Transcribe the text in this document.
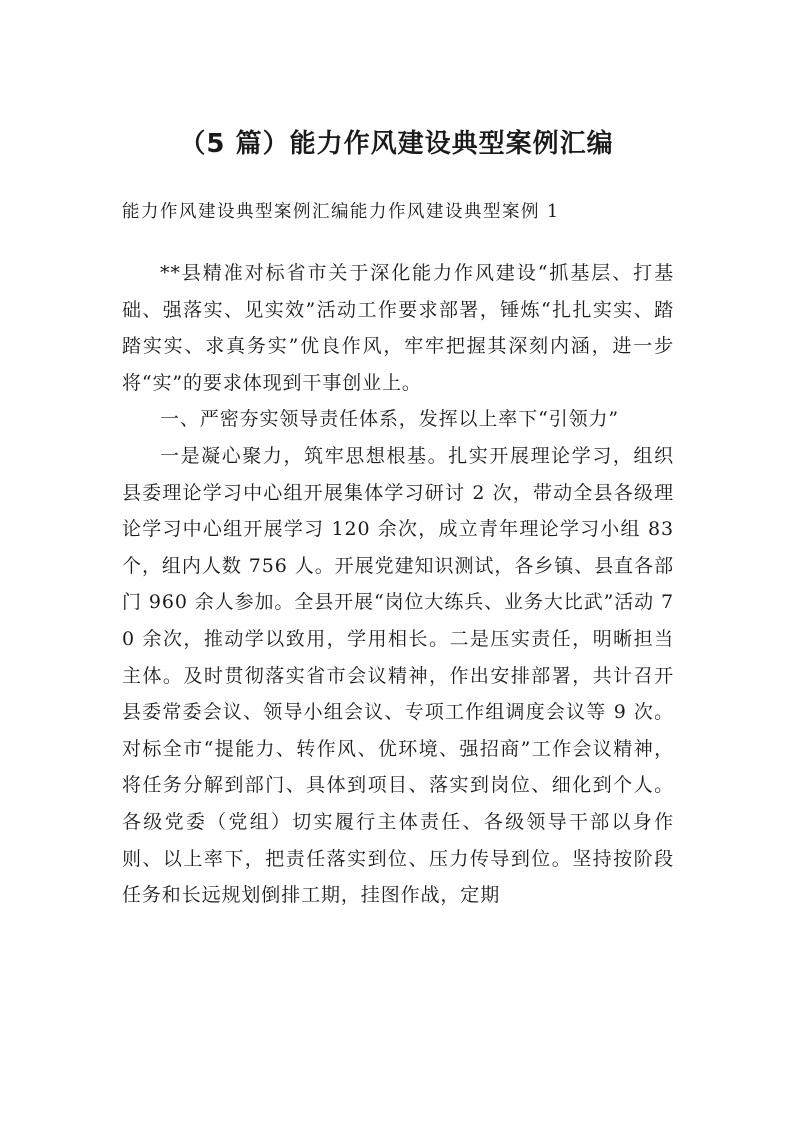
（5 篇）能力作风建设典型案例汇编

能力作风建设典型案例汇编能力作风建设典型案例 1

**县精准对标省市关于深化能力作风建设“抓基层、打基础、强落实、见实效”活动工作要求部署，锤炼“扎扎实实、踏踏实实、求真务实”优良作风，牢牢把握其深刻内涵，进一步将“实”的要求体现到干事创业上。

一、严密夯实领导责任体系，发挥以上率下“引领力”

一是凝心聚力，筑牢思想根基。扎实开展理论学习，组织县委理论学习中心组开展集体学习研讨 2 次，带动全县各级理论学习中心组开展学习 120 余次，成立青年理论学习小组 83 个，组内人数 756 人。开展党建知识测试，各乡镇、县直各部门 960 余人参加。全县开展“岗位大练兵、业务大比武”活动 70 余次，推动学以致用，学用相长。二是压实责任，明晰担当主体。及时贯彻落实省市会议精神，作出安排部署，共计召开县委常委会议、领导小组会议、专项工作组调度会议等 9 次。对标全市“提能力、转作风、优环境、强招商”工作会议精神，将任务分解到部门、具体到项目、落实到岗位、细化到个人。各级党委（党组）切实履行主体责任、各级领导干部以身作则、以上率下，把责任落实到位、压力传导到位。坚持按阶段任务和长远规划倒排工期，挂图作战，定期
